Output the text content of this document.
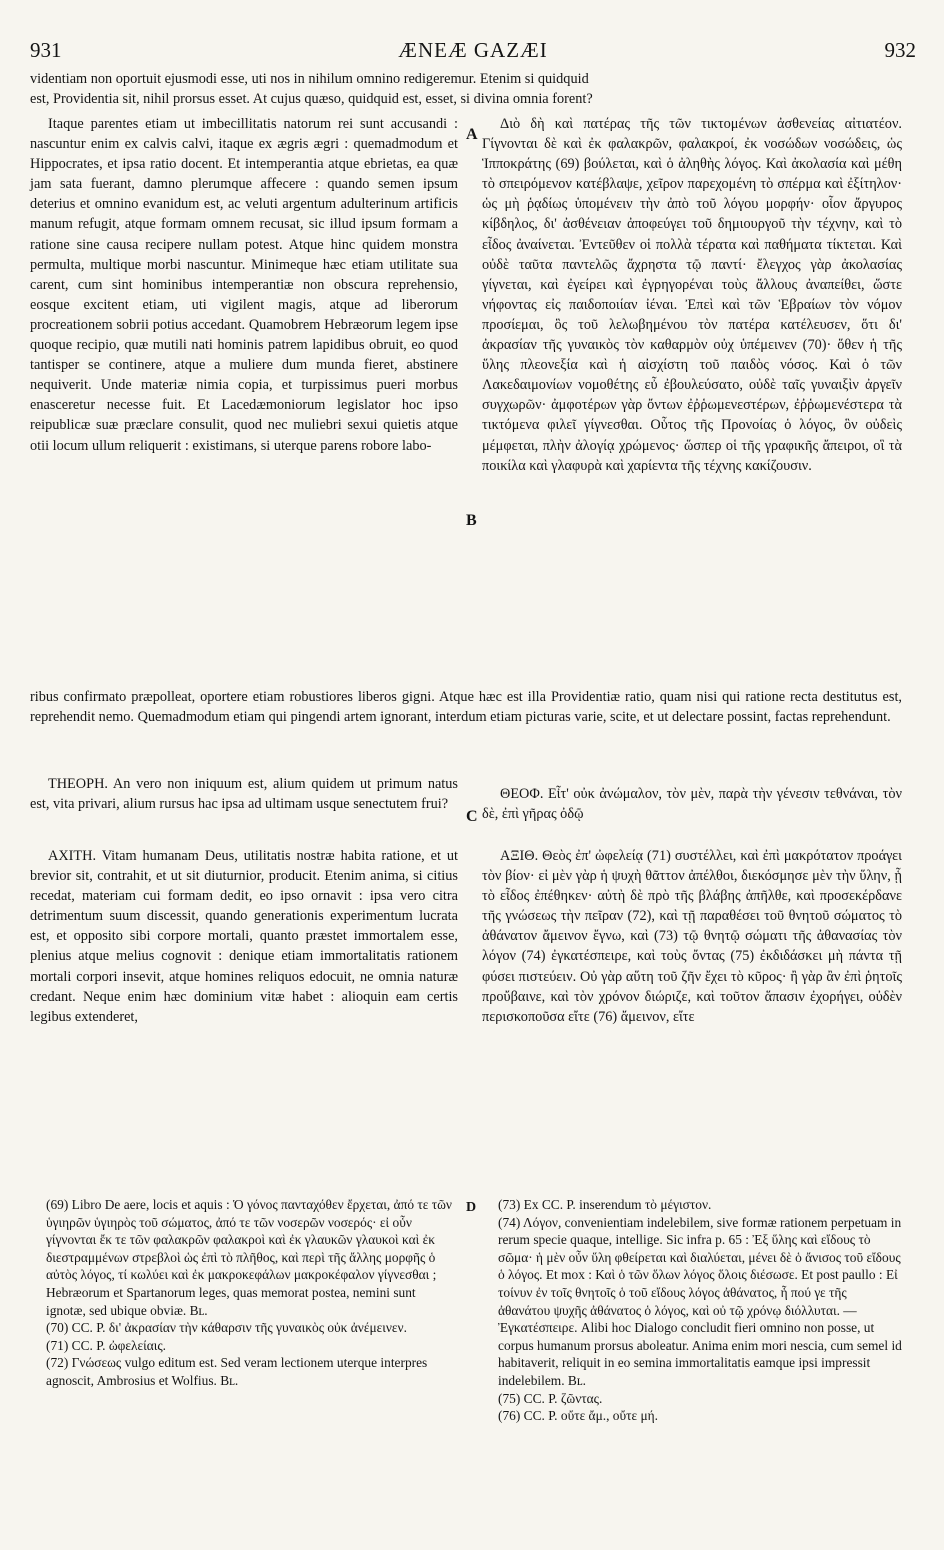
931	ÆNEÆ GAZÆI	932
videntiam non oportuit ejusmodi esse, uti nos in nihilum omnino redigeremur. Etenim si quidquid
est, Providentia sit, nihil prorsus esset. At cujus quæso, quidquid est, esset, si divina omnia forent?

Itaque parentes etiam ut imbecillitatis natorum rei sunt accusandi : nascuntur enim ex calvis calvi, itaque ex ægris ægri : quemadmodum et Hippocrates, et ipsa ratio docent. Et intemperantia atque ebrietas, ea quæ jam sata fuerant, damno plerumque affecere : quando semen ipsum deterius et omnino evanidum est, ac veluti argentum adulterinum artificis manum refugit, atque formam omnem recusat, sic illud ipsum formam a ratione sine causa recipere nullam potest. Atque hinc quidem monstra permulta, multique morbi nascuntur. Minimeque hæc etiam utilitate sua carent, cum sint hominibus intemperantiæ non obscura reprehensio, eosque excitent etiam, uti vigilent magis, atque ad liberorum procreationem sobrii potius accedant. Quamobrem Hebræorum legem ipse quoque recipio, quæ mutili nati hominis patrem lapidibus obruit, eo quod tantisper se continere, atque a muliere dum munda fieret, abstinere nequiverit. Unde materiæ nimia copia, et turpissimus pueri morbus enasceretur necesse fuit. Et Lacedæmoniorum legislator hoc ipso reipublicæ suæ præclare consulit, quod nec muliebri sexui quietis atque otii locum ullum reliquerit : existimans, si uterque parens robore labo-

A
B

Διὸ δὴ καὶ πατέρας τῆς τῶν τικτομένων ἀσθενείας αἰτιατέον. Γίγνονται δὲ καὶ ἐκ φαλακρῶν, φαλακροί, ἐκ νοσώδων νοσώδεις, ὡς Ἱπποκράτης (69) βούλεται, καὶ ὁ ἀληθὴς λόγος. Καὶ ἀκολασία καὶ μέθη τὸ σπειρόμενον κατέβλαψε, χεῖρον παρεχομένη τὸ σπέρμα καὶ ἐξίτηλον· ὡς μὴ ῥᾳδίως ὑπομένειν τὴν ἀπὸ τοῦ λόγου μορφήν· οἷον ἄργυρος κίβδηλος, δι' ἀσθένειαν ἀποφεύγει τοῦ δημιουργοῦ τὴν τέχνην, καὶ τὸ εἶδος ἀναίνεται. Ἐντεῦθεν οἱ πολλὰ τέρατα καὶ παθήματα τίκτεται. Καὶ οὐδὲ ταῦτα παντελῶς ἄχρηστα τῷ παντί· ἔλεγχος γὰρ ἀκολασίας γίγνεται, καὶ ἐγείρει καὶ ἐγρηγορέναι τοὺς ἄλλους ἀναπείθει, ὥστε νήφοντας εἰς παιδοποιίαν ἰέναι. Ἐπεὶ καὶ τῶν Ἑβραίων τὸν νόμον προσίεμαι, ὃς τοῦ λελωβημένου τὸν πατέρα κατέλευσεν, ὅτι δι' ἀκρασίαν τῆς γυναικὸς τὸν καθαρμὸν οὐχ ὑπέμεινεν (70)· ὅθεν ἡ τῆς ὕλης πλεονεξία καὶ ἡ αἰσχίστη τοῦ παιδὸς νόσος. Καὶ ὁ τῶν Λακεδαιμονίων νομοθέτης εὖ ἐβουλεύσατο, οὐδὲ ταῖς γυναιξὶν ἀργεῖν συγχωρῶν· ἀμφοτέρων γὰρ ὄντων ἐῤῥωμενεστέρων, ἐῤῥωμενέστερα τὰ τικτόμενα φιλεῖ γίγνεσθαι. Οὗτος τῆς Προνοίας ὁ λόγος, ὃν οὐδεὶς μέμφεται, πλὴν ἀλογίᾳ χρώμενος· ὥσπερ οἱ τῆς γραφικῆς ἄπειροι, οἳ τὰ ποικίλα καὶ γλαφυρὰ καὶ χαρίεντα τῆς τέχνης κακίζουσιν.

ribus confirmato præpolleat, oportere etiam robustiores liberos gigni. Atque hæc est illa Providentiæ ratio, quam nisi qui ratione recta destitutus est, reprehendit nemo. Quemadmodum etiam qui pingendi artem ignorant, interdum etiam picturas varie, scite, et ut delectare possint, factas reprehendunt.

THEOPH. An vero non iniquum est, alium quidem ut primum natus est, vita privari, alium rursus hac ipsa ad ultimam usque senectutem frui?

C

ΘΕΟΦ. Εἶτ' οὐκ ἀνώμαλον, τὸν μὲν, παρὰ τὴν γένεσιν τεθνάναι, τὸν δὲ, ἐπὶ γῆρας ὀδῷ

AXITH. Vitam humanam Deus, utilitatis nostræ habita ratione, et ut brevior sit, contrahit, et ut sit diuturnior, producit. Etenim anima, si citius recedat, materiam cui formam dedit, eo ipso ornavit : ipsa vero citra detrimentum suum discessit, quando generationis experimentum lucrata est, et opposito sibi corpore mortali, quanto præstet immortalem esse, plenius atque melius cognovit : denique etiam immortalitatis rationem mortali corpori insevit, atque homines reliquos edocuit, ne omnia naturæ credant. Neque enim hæc dominium vitæ habet : alioquin eam certis legibus extenderet,

ΑΞΙΘ. Θεὸς ἐπ' ὠφελείᾳ (71) συστέλλει, καὶ ἐπὶ μακρότατον προάγει τὸν βίον· εἰ μὲν γὰρ ἡ ψυχὴ θᾶττον ἀπέλθοι, διεκόσμησε μὲν τὴν ὕλην, ᾗ τὸ εἶδος ἐπέθηκεν· αὐτὴ δὲ πρὸ τῆς βλάβης ἀπῆλθε, καὶ προσεκέρδανε τῆς γνώσεως τὴν πεῖραν (72), καὶ τῇ παραθέσει τοῦ θνητοῦ σώματος τὸ ἀθάνατον ἄμεινον ἔγνω, καὶ (73) τῷ θνητῷ σώματι τῆς ἀθανασίας τὸν λόγον (74) ἐγκατέσπειρε, καὶ τοὺς ὄντας (75) ἐκδιδάσκει μὴ πάντα τῇ φύσει πιστεύειν. Οὐ γὰρ αὕτη τοῦ ζῆν ἔχει τὸ κῦρος· ἢ γὰρ ἂν ἐπὶ ῥητοῖς προὔβαινε, καὶ τὸν χρόνον διώριζε, καὶ τοῦτον ἅπασιν ἐχορήγει, οὐδὲν περισκοποῦσα εἴτε (76) ἄμεινον, εἴτε

(69) Libro De aere, locis et aquis : Ὁ γόνος πανταχόθεν ἔρχεται, ἀπό τε τῶν ὑγιηρῶν ὑγιηρὸς τοῦ σώματος, ἀπό τε τῶν νοσερῶν νοσερός· εἰ οὖν γίγνονται ἔκ τε τῶν φαλακρῶν φαλακροὶ καὶ ἐκ γλαυκῶν γλαυκοὶ καὶ ἐκ διεστραμμένων στρεβλοὶ ὡς ἐπὶ τὸ πλῆθος, καὶ περὶ τῆς ἄλλης μορφῆς ὁ αὐτὸς λόγος, τί κωλύει καὶ ἐκ μακροκεφάλων μακροκέφαλον γίγνεσθαι ; Hebræorum et Spartanorum leges, quas memorat postea, nemini sunt ignotæ, sed ubique obviæ. Bʟ.

(70) CC. P. δι' ἀκρασίαν τὴν κάθαρσιν τῆς γυναικὸς οὐκ ἀνέμεινεν.

(71) CC. P. ὠφελείαις.

(72) Γνώσεως vulgo editum est. Sed veram lectionem uterque interpres agnoscit, Ambrosius et Wolfius. Bʟ.

D	(73) Ex CC. P. inserendum τὸ μέγιστον.

(74) Λόγον, convenientiam indelebilem, sive formæ rationem perpetuam in rerum specie quaque, intellige. Sic infra p. 65 : Ἐξ ὕλης καὶ εἴδους τὸ σῶμα· ἡ μὲν οὖν ὕλη φθείρεται καὶ διαλύεται, μένει δὲ ὁ ἄνισος τοῦ εἴδους ὁ λόγος. Et mox : Καὶ ὁ τῶν ὅλων λόγος ὅλοις διέσωσε. Et post paullo : Εἰ τοίνυν ἐν τοῖς θνητοῖς ὁ τοῦ εἴδους λόγος ἀθάνατος, ἦ πού γε τῆς ἀθανάτου ψυχῆς ἀθάνατος ὁ λόγος, καὶ οὐ τῷ χρόνῳ διόλλυται. — Ἐγκατέσπειρε. Alibi hoc Dialogo concludit fieri omnino non posse, ut corpus humanum prorsus aboleatur. Anima enim mori nescia, cum semel id habitaverit, reliquit in eo semina immortalitatis eamque ipsi impressit indelebilem. Bʟ.

(75) CC. P. ζῶντας.

(76) CC. P. οὔτε ἄμ., οὔτε μή.
